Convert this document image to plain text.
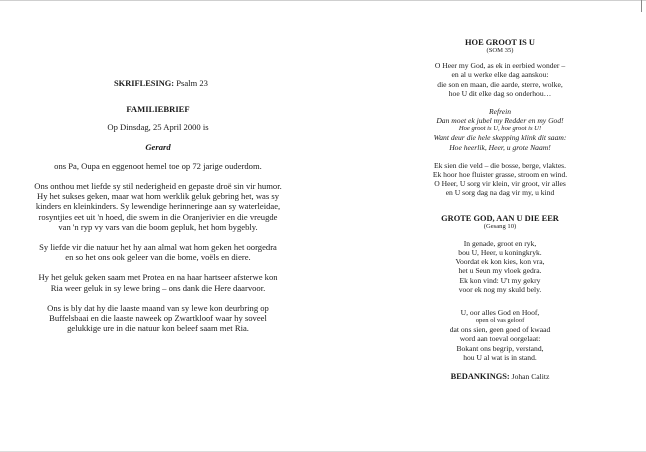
SKRIFLESING: Psalm 23
FAMILIEBRIEF
Op Dinsdag, 25 April 2000 is
Gerard
ons Pa, Oupa en eggenoot hemel toe op 72 jarige ouderdom.
Ons onthou met liefde sy stil nederigheid en gepaste droë sin vir humor.
Hy het sukses geken, maar wat hom werklik geluk gebring het, was sy
kinders en kleinkinders. Sy lewendige herinneringe aan sy waterleidae,
rosyntjies eet uit 'n hoed, die swem in die Oranjerivier en die vreugde
van 'n ryp vy vars van die boom gepluk, het hom bygebly.
Sy liefde vir die natuur het hy aan almal wat hom geken het oorgedra
en so het ons ook geleer van die bome, voëls en diere.
Hy het geluk geken saam met Protea en na haar hartseer afsterwe kon
Ria weer geluk in sy lewe bring – ons dank die Here daarvoor.
Ons is bly dat hy die laaste maand van sy lewe kon deurbring op
Buffelsbaai en die laaste naweek op Zwartkloof waar hy soveel
gelukkige ure in die natuur kon beleef saam met Ria.
HOE GROOT IS U
(SOM 35)
O Heer my God, as ek in eerbied wonder –
en al u werke elke dag aanskou:
die son en maan, die aarde, sterre, wolke,
hoe U dit elke dag so onderhou…
Refrein
Dan moet ek jubel my Redder en my God!
Hoe groot is U, hoe groot is U!
Want deur die hele skepping klink dit saam:
Hoe heerlik, Heer, u grote Naam!
Ek sien die veld – die bosse, berge, vlaktes.
Ek hoor hoe fluister grasse, stroom en wind.
O Heer, U sorg vir klein, vir groot, vir alles
en U sorg dag na dag vir my, u kind
GROTE GOD, AAN U DIE EER
(Gesang 10)
In genade, groot en ryk,
bou U, Heer, u koningkryk.
Voordat ek kon kies, kon vra,
het u Seun my vloek gedra.
Ek kon vind: U't my gekry
voor ek nog my skuld bely.
U, oor alles God en Hoof,
open ol vas geloof
dat ons sien, geen goed of kwaad
word aan toeval oorgelaat:
Bokant ons begrip, verstand,
hou U al wat is in stand.
BEDANKINGS: Johan Calitz
